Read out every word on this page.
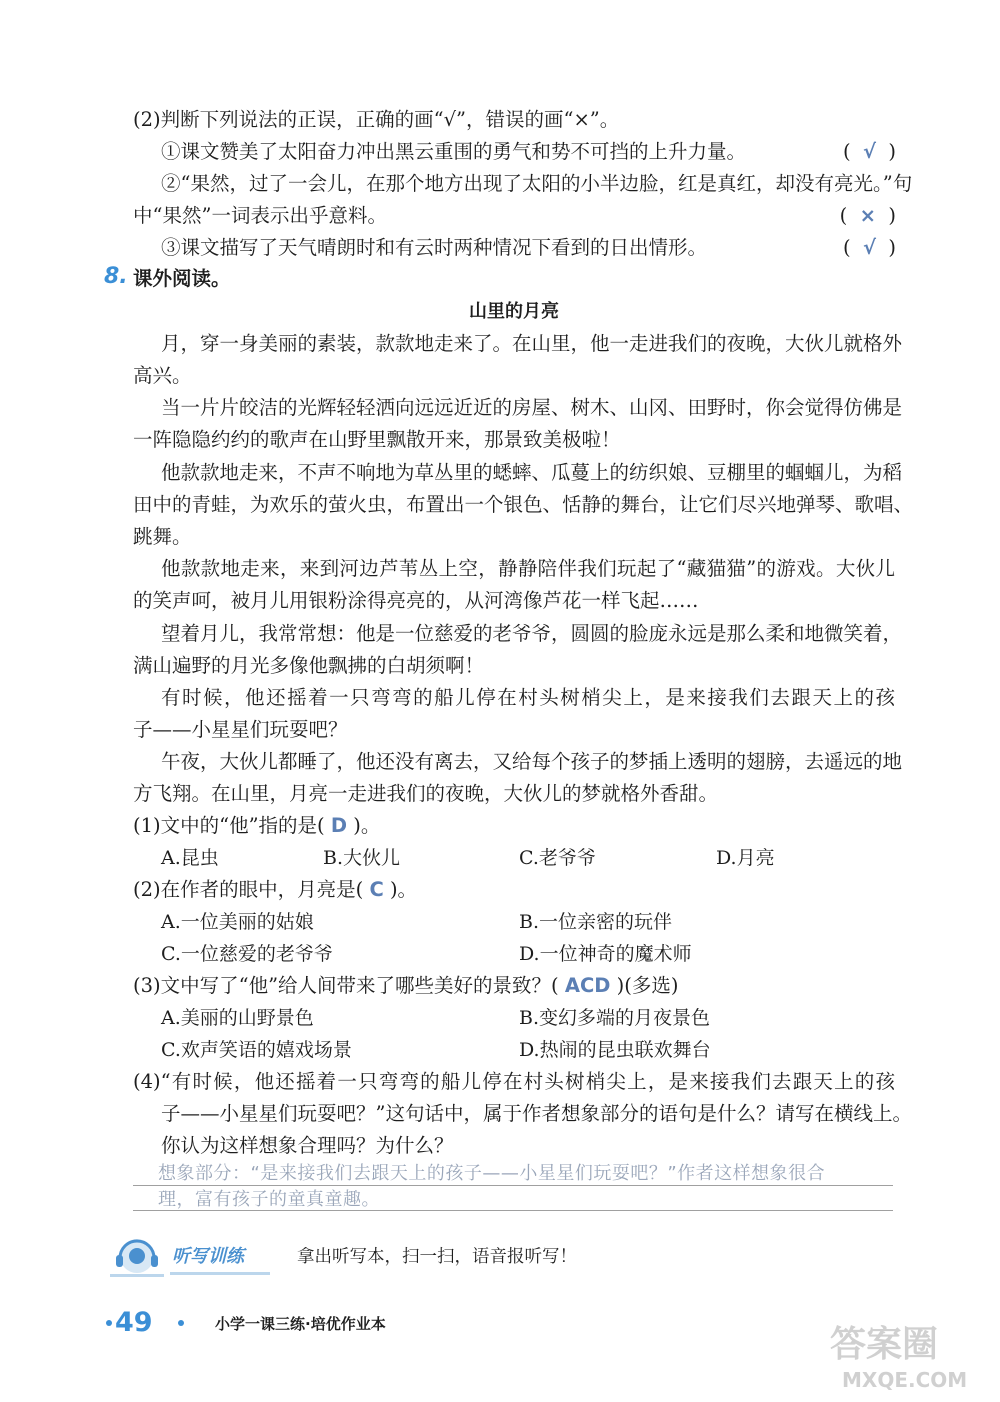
(2)判断下列说法的正误，正确的画“√”，错误的画“×”。
①课文赞美了太阳奋力冲出黑云重围的勇气和势不可挡的上升力量。	(  √  )
②“果然，过了一会儿，在那个地方出现了太阳的小半边脸，红是真红，却没有亮光。”句
中“果然”一词表示出乎意料。	(  ×  )
③课文描写了天气晴朗时和有云时两种情况下看到的日出情形。	(  √  )
8. 课外阅读。
山里的月亮
月，穿一身美丽的素装，款款地走来了。在山里，他一走进我们的夜晚，大伙儿就格外
高兴。
当一片片皎洁的光辉轻轻洒向远远近近的房屋、树木、山冈、田野时，你会觉得仿佛是
一阵隐隐约约的歌声在山野里飘散开来，那景致美极啦！
他款款地走来，不声不响地为草丛里的蟋蟀、瓜蔓上的纺织娘、豆棚里的蝈蝈儿，为稻
田中的青蛙，为欢乐的萤火虫，布置出一个银色、恬静的舞台，让它们尽兴地弹琴、歌唱、
跳舞。
他款款地走来，来到河边芦苇丛上空，静静陪伴我们玩起了“藏猫猫”的游戏。大伙儿
的笑声呵，被月儿用银粉涂得亮亮的，从河湾像芦花一样飞起……
望着月儿，我常常想：他是一位慈爱的老爷爷，圆圆的脸庞永远是那么柔和地微笑着，
满山遍野的月光多像他飘拂的白胡须啊！
有时候，他还摇着一只弯弯的船儿停在村头树梢尖上，是来接我们去跟天上的孩
子——小星星们玩耍吧？
午夜，大伙儿都睡了，他还没有离去，又给每个孩子的梦插上透明的翅膀，去遥远的地
方飞翔。在山里，月亮一走进我们的夜晚，大伙儿的梦就格外香甜。
(1)文中的“他”指的是( D )。
A.昆虫	B.大伙儿	C.老爷爷	D.月亮
(2)在作者的眼中，月亮是( C )。
A.一位美丽的姑娘	B.一位亲密的玩伴
C.一位慈爱的老爷爷	D.一位神奇的魔术师
(3)文中写了“他”给人间带来了哪些美好的景致？( ACD )(多选)
A.美丽的山野景色	B.变幻多端的月夜景色
C.欢声笑语的嬉戏场景	D.热闹的昆虫联欢舞台
(4)“有时候，他还摇着一只弯弯的船儿停在村头树梢尖上，是来接我们去跟天上的孩
子——小星星们玩耍吧？”这句话中，属于作者想象部分的语句是什么？请写在横线上。
你认为这样想象合理吗？为什么？
想象部分：“是来接我们去跟天上的孩子——小星星们玩耍吧？”作者这样想象很合
理，富有孩子的童真童趣。
听写训练	拿出听写本，扫一扫，语音报听写！
49	小学一课三练·培优作业本	答案圈
MXQE.COM
